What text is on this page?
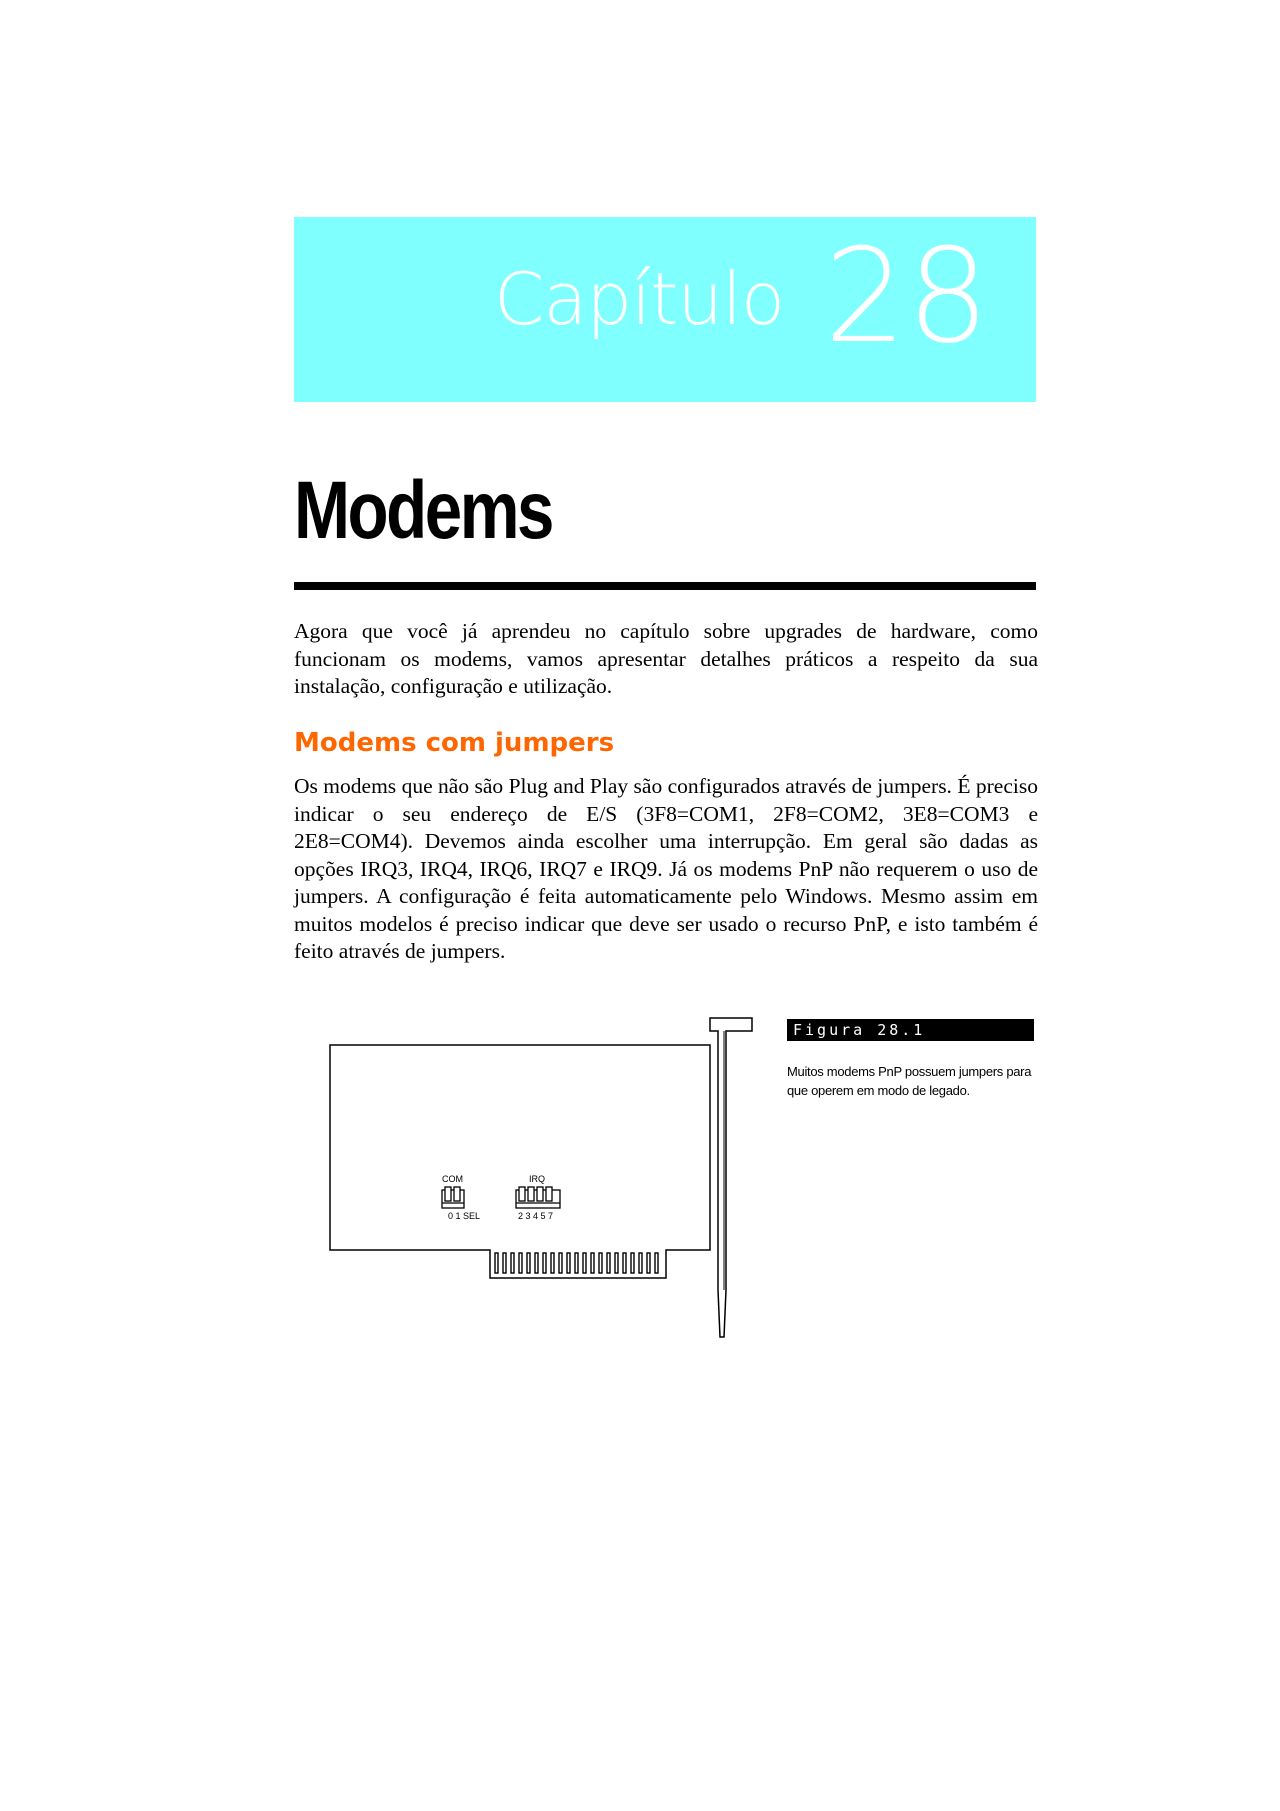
Capítulo 28
Modems

Agora que você já aprendeu no capítulo sobre upgrades de hardware, como funcionam os modems, vamos apresentar detalhes práticos a respeito da sua instalação, configuração e utilização.

Modems com jumpers

Os modems que não são Plug and Play são configurados através de jumpers. É preciso indicar o seu endereço de E/S (3F8=COM1, 2F8=COM2, 3E8=COM3 e 2E8=COM4). Devemos ainda escolher uma interrupção. Em geral são dadas as opções IRQ3, IRQ4, IRQ6, IRQ7 e IRQ9. Já os modems PnP não requerem o uso de jumpers. A configuração é feita automaticamente pelo Windows. Mesmo assim em muitos modelos é preciso indicar que deve ser usado o recurso PnP, e isto também é feito através de jumpers.

COM	IRQ
0 1 SEL	2 3 4 5 7
Figura 28.1

Muitos modems PnP possuem jumpers para que operem em modo de legado.
